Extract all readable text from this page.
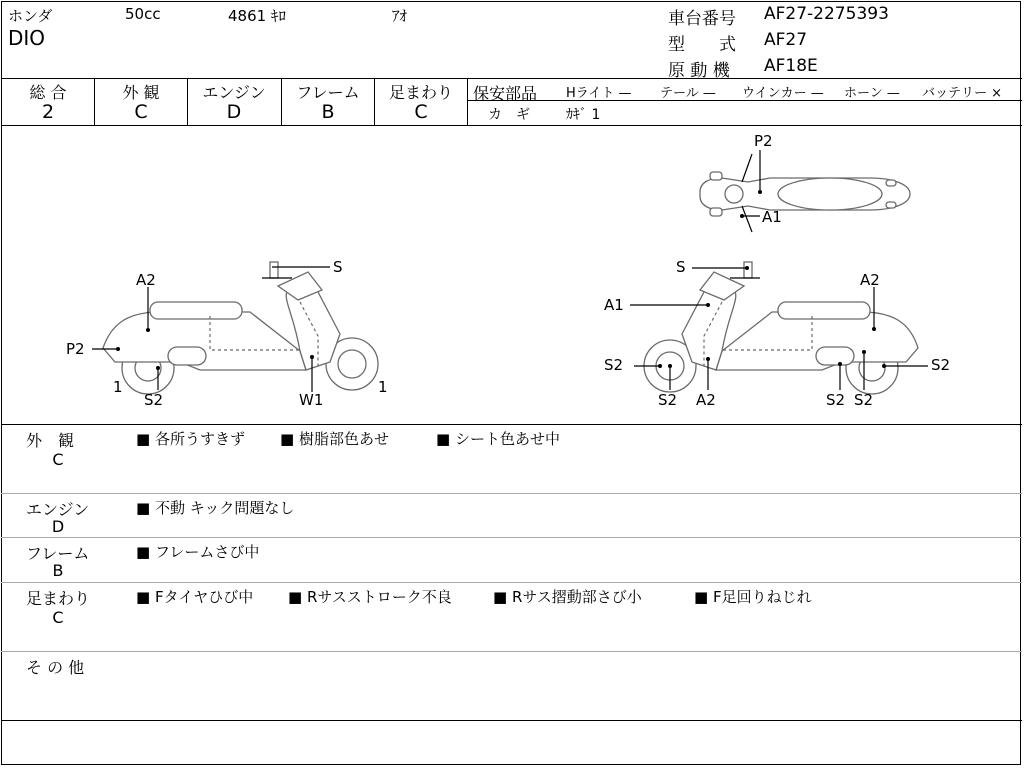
ホンダ	50cc	4861 ｷﾛ	ｱｵ
DIO
車台番号 AF27-2275393
型　　式 AF27
原 動 機 AF18E
総 合
2
外 観
C
エンジン
D
フレーム
B
足まわり
C
保安部品 Hライト — テール — ウインカー — ホーン — バッテリー ×
カ　ギ	ｶｷﾞ 1
S
A2
P2
1
S2	W1
1
P2
A1
S
A1
A2
S2
S2 A2	S2 S2
S2
外　観
C
■ 各所うすきず ■ 樹脂部色あせ	■ シート色あせ中
エンジン
D
■ 不動 キック問題なし
フレーム
B
■ フレームさび中
足まわり
C
■ Fタイヤひび中 ■ Rサスストローク不良	■ Rサス摺動部さび小	■ F足回りねじれ
そ の 他
